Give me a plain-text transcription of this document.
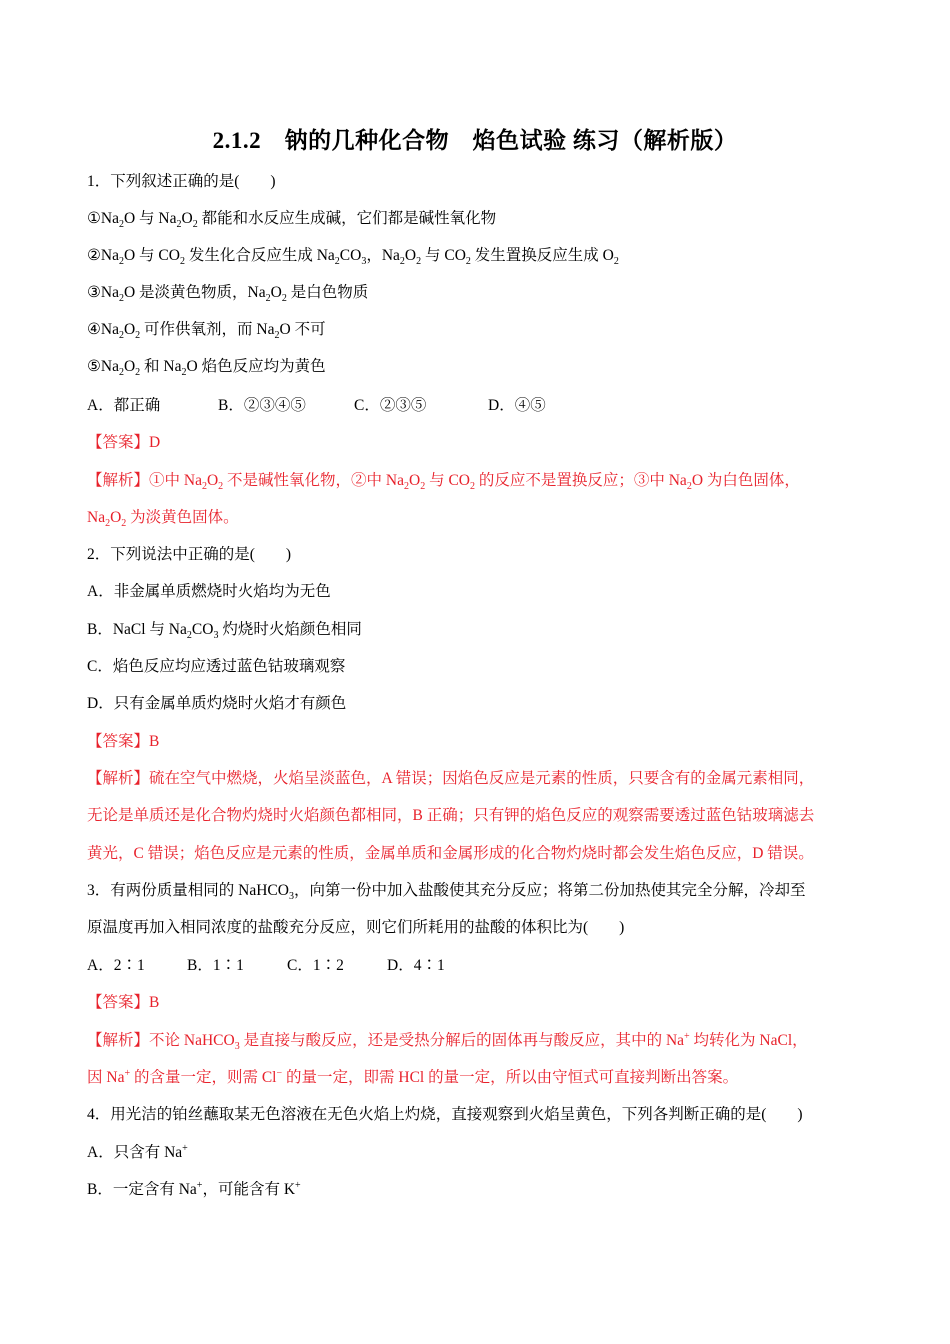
2.1.2　钠的几种化合物　焰色试验 练习（解析版）
1．下列叙述正确的是(　　)
$①Na_2O$ 与 $Na_2O_2$ 都能和水反应生成碱，它们都是碱性氧化物
$②Na_2O$ 与 $CO_2$ 发生化合反应生成 $Na_2CO_3$，$Na_2O_2$ 与 $CO_2$ 发生置换反应生成 $O_2$
$③Na_2O$ 是淡黄色物质，$Na_2O_2$ 是白色物质
$④Na_2O_2$ 可作供氧剂，而 $Na_2O$ 不可
$⑤Na_2O_2$ 和 $Na_2O$ 焰色反应均为黄色
A．都正确	B．②③④⑤	C．②③⑤	D．④⑤
【答案】D
【解析】①中 $Na_2O_2$ 不是碱性氧化物，②中 $Na_2O_2$ 与 $CO_2$ 的反应不是置换反应；③中 $Na_2O$ 为白色固体，
$Na_2O_2$ 为淡黄色固体。
2．下列说法中正确的是(　　)
A．非金属单质燃烧时火焰均为无色
B．NaCl 与 $Na_2CO_3$ 灼烧时火焰颜色相同
C．焰色反应均应透过蓝色钴玻璃观察
D．只有金属单质灼烧时火焰才有颜色
【答案】B
【解析】硫在空气中燃烧，火焰呈淡蓝色，A 错误；因焰色反应是元素的性质，只要含有的金属元素相同，
无论是单质还是化合物灼烧时火焰颜色都相同，B 正确；只有钾的焰色反应的观察需要透过蓝色钴玻璃滤去
黄光，C 错误；焰色反应是元素的性质，金属单质和金属形成的化合物灼烧时都会发生焰色反应，D 错误。
3．有两份质量相同的 NaHCO$_3$，向第一份中加入盐酸使其充分反应；将第二份加热使其完全分解，冷却至
原温度再加入相同浓度的盐酸充分反应，则它们所耗用的盐酸的体积比为(　　)
A．2∶1	B．1∶1	C．1∶2	D．4∶1
【答案】B
【解析】不论 NaHCO$_3$ 是直接与酸反应，还是受热分解后的固体再与酸反应，其中的 Na+ 均转化为 NaCl，
因 Na+ 的含量一定，则需 Cl− 的量一定，即需 HCl 的量一定，所以由守恒式可直接判断出答案。
4．用光洁的铂丝蘸取某无色溶液在无色火焰上灼烧，直接观察到火焰呈黄色，下列各判断正确的是(　　)
A．只含有 Na+
B．一定含有 Na+，可能含有 K+
